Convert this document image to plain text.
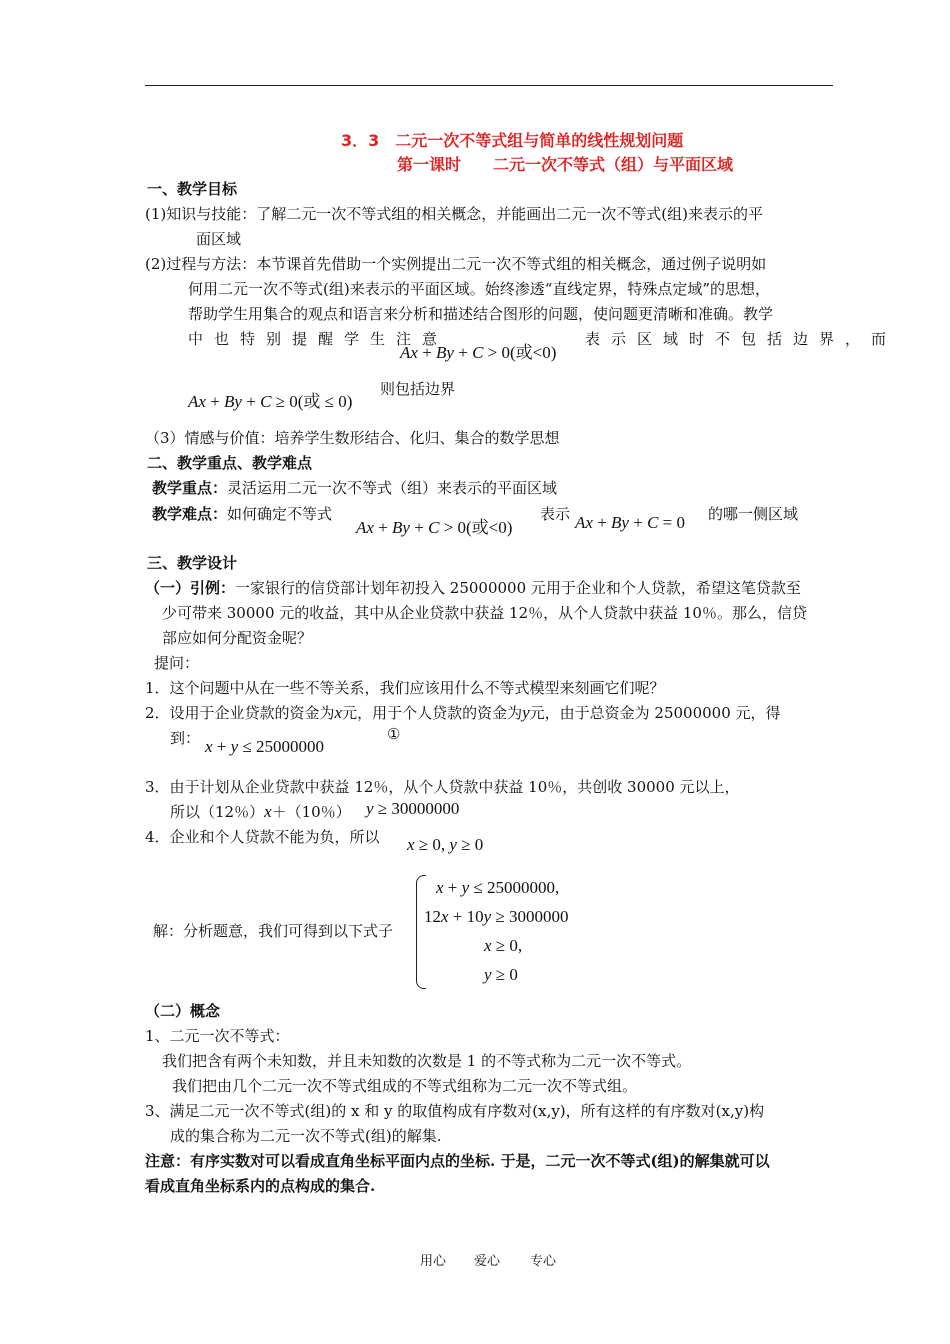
3．3　二元一次不等式组与简单的线性规划问题
第一课时　　二元一次不等式（组）与平面区域
一、教学目标
(1)知识与技能：了解二元一次不等式组的相关概念，并能画出二元一次不等式(组)来表示的平
面区域
(2)过程与方法：本节课首先借助一个实例提出二元一次不等式组的相关概念，通过例子说明如
何用二元一次不等式(组)来表示的平面区域。始终渗透“直线定界，特殊点定域”的思想，
帮助学生用集合的观点和语言来分析和描述结合图形的问题，使问题更清晰和准确。教学
中也特别提醒学生注意
Ax + By + C > 0(或<0)
表示区域时不包括边界，而
Ax + By + C ≥ 0(或 ≤ 0)
则包括边界
（3）情感与价值：培养学生数形结合、化归、集合的数学思想
二、教学重点、教学难点
教学重点：灵活运用二元一次不等式（组）来表示的平面区域
教学难点：如何确定不等式
Ax + By + C > 0(或<0)
表示 Ax + By + C = 0 的哪一侧区域
三、教学设计
（一）引例：一家银行的信贷部计划年初投入 25000000 元用于企业和个人贷款，希望这笔贷款至
少可带来 30000 元的收益，其中从企业贷款中获益 12％，从个人贷款中获益 10％。那么，信贷
部应如何分配资金呢？
提问：
1．这个问题中从在一些不等关系，我们应该用什么不等式模型来刻画它们呢？
2．设用于企业贷款的资金为x元，用于个人贷款的资金为y元，由于总资金为 25000000 元，得
到： x + y ≤ 25000000
①
3．由于计划从企业贷款中获益 12％，从个人贷款中获益 10％，共创收 30000 元以上，
所以（12％）x＋（10％） y ≥ 30000000
4．企业和个人贷款不能为负，所以 x ≥ 0, y ≥ 0
解：分析题意，我们可得到以下式子
x + y ≤ 25000000,
12x + 10y ≥ 3000000
x ≥ 0,
y ≥ 0
（二）概念
1、二元一次不等式：
我们把含有两个未知数，并且未知数的次数是 1 的不等式称为二元一次不等式。
我们把由几个二元一次不等式组成的不等式组称为二元一次不等式组。
3、满足二元一次不等式(组)的 x 和 y 的取值构成有序数对(x,y)，所有这样的有序数对(x,y)构
成的集合称为二元一次不等式(组)的解集.
注意：有序实数对可以看成直角坐标平面内点的坐标. 于是，二元一次不等式(组)的解集就可以
看成直角坐标系内的点构成的集合.
用心 爱心 专心
